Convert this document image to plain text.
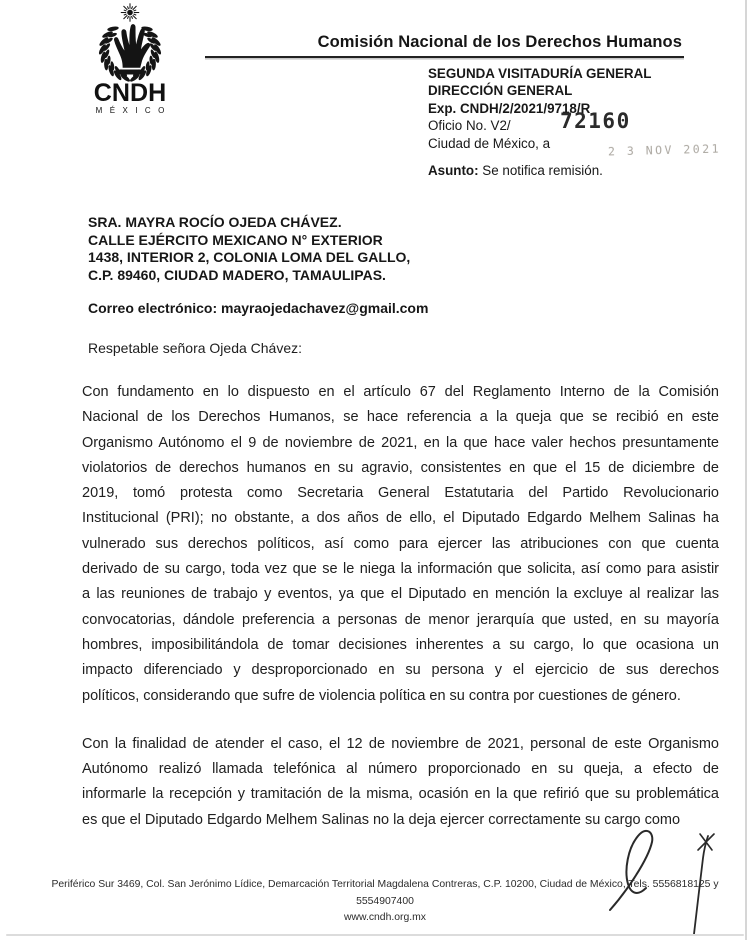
CNDH
MÉXICO
Comisión Nacional de los Derechos Humanos
SEGUNDA VISITADURÍA GENERAL
DIRECCIÓN GENERAL
Exp. CNDH/2/2021/9718/R
Oficio No. V2/ 72160
Ciudad de México, a	2 3 NOV 2021
Asunto: Se notifica remisión.
SRA. MAYRA ROCÍO OJEDA CHÁVEZ.
CALLE EJÉRCITO MEXICANO N° EXTERIOR
1438, INTERIOR 2, COLONIA LOMA DEL GALLO,
C.P. 89460, CIUDAD MADERO, TAMAULIPAS.
Correo electrónico: mayraojedachavez@gmail.com
Respetable señora Ojeda Chávez:
Con fundamento en lo dispuesto en el artículo 67 del Reglamento Interno de la Comisión
Nacional de los Derechos Humanos, se hace referencia a la queja que se recibió en este
Organismo Autónomo el 9 de noviembre de 2021, en la que hace valer hechos presuntamente
violatorios de derechos humanos en su agravio, consistentes en que el 15 de diciembre de
2019, tomó protesta como Secretaria General Estatutaria del Partido Revolucionario
Institucional (PRI); no obstante, a dos años de ello, el Diputado Edgardo Melhem Salinas ha
vulnerado sus derechos políticos, así como para ejercer las atribuciones con que cuenta
derivado de su cargo, toda vez que se le niega la información que solicita, así como para asistir
a las reuniones de trabajo y eventos, ya que el Diputado en mención la excluye al realizar las
convocatorias, dándole preferencia a personas de menor jerarquía que usted, en su mayoría
hombres, imposibilitándola de tomar decisiones inherentes a su cargo, lo que ocasiona un
impacto diferenciado y desproporcionado en su persona y el ejercicio de sus derechos
políticos, considerando que sufre de violencia política en su contra por cuestiones de género.
Con la finalidad de atender el caso, el 12 de noviembre de 2021, personal de este Organismo
Autónomo realizó llamada telefónica al número proporcionado en su queja, a efecto de
informarle la recepción y tramitación de la misma, ocasión en la que refirió que su problemática
es que el Diputado Edgardo Melhem Salinas no la deja ejercer correctamente su cargo como
Periférico Sur 3469, Col. San Jerónimo Lídice, Demarcación Territorial Magdalena Contreras, C.P. 10200, Ciudad de México, Tels. 5556818125 y 5554907400
www.cndh.org.mx
